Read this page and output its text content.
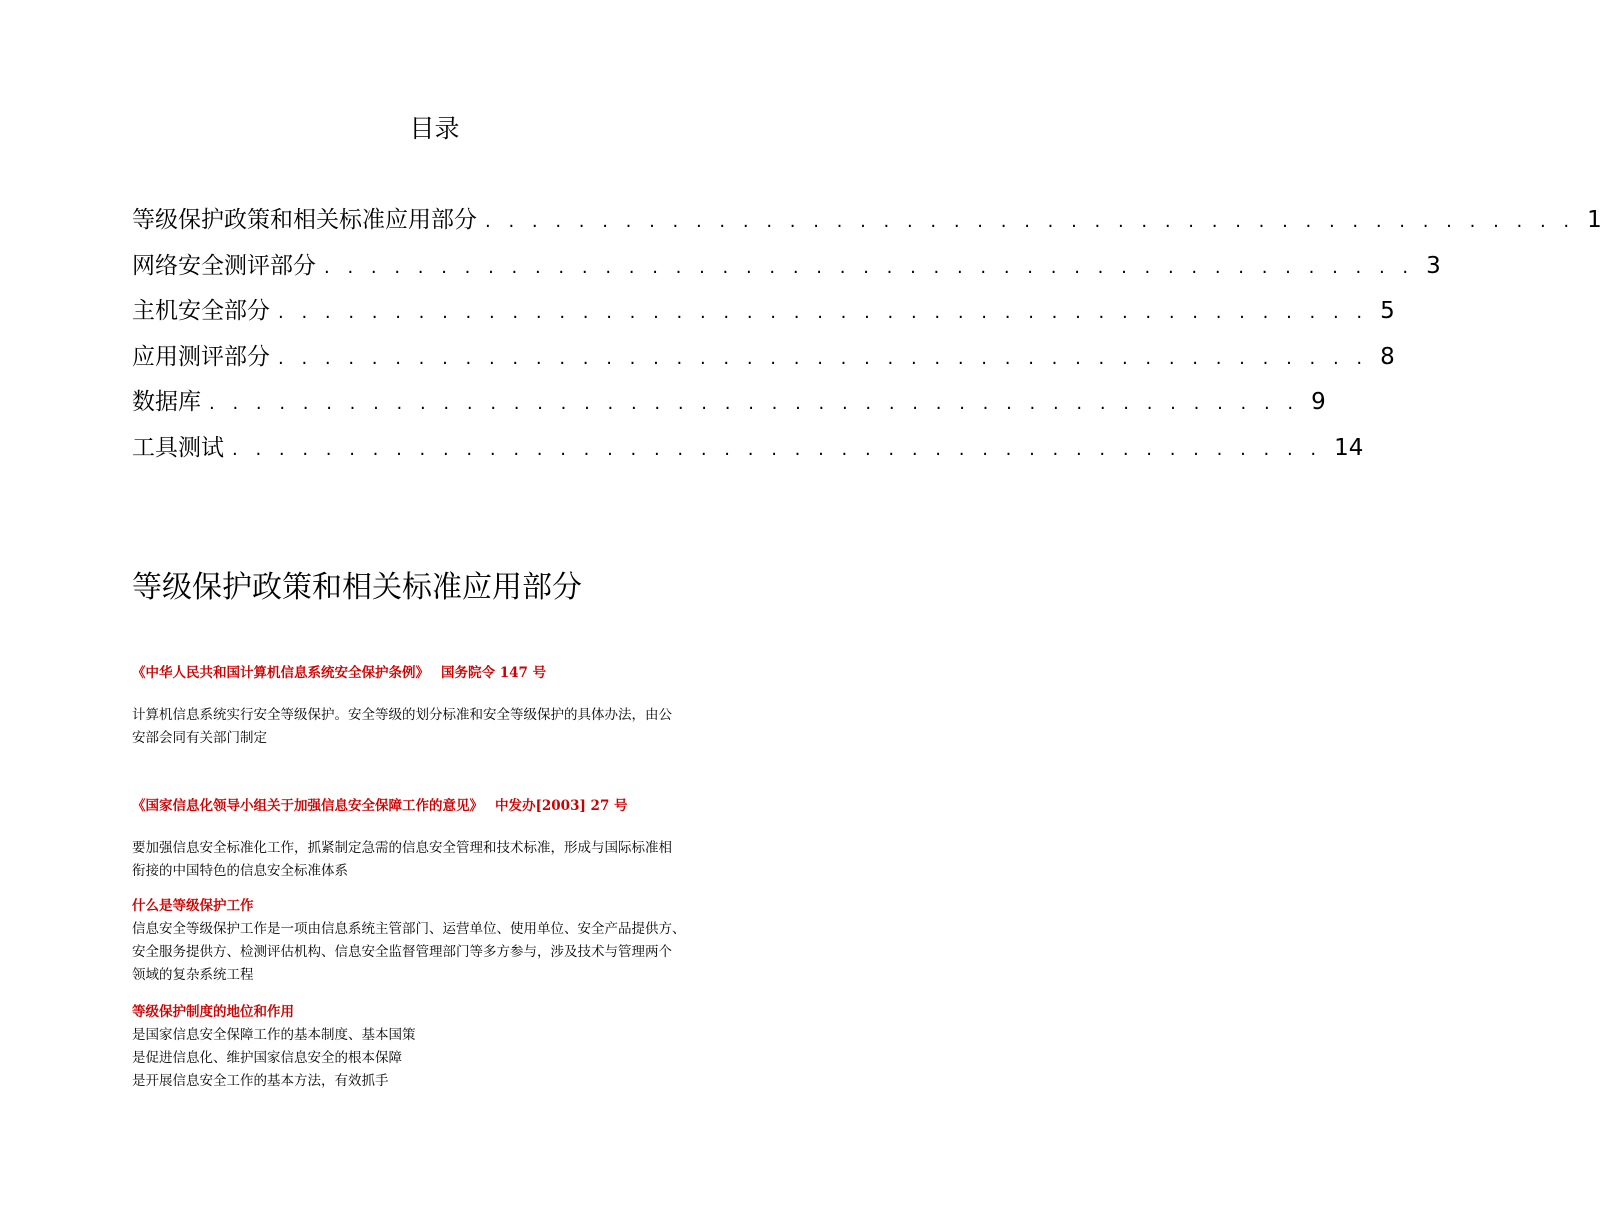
目录
等级保护政策和相关标准应用部分 . . . . . . . . . . . . . . . . . . . . . . . . . . . . . . . . . . . . . . . . . . . . . . . 1
网络安全测评部分 . . . . . . . . . . . . . . . . . . . . . . . . . . . . . . . . . . . . . . . . . . . . . . . 3
主机安全部分 . . . . . . . . . . . . . . . . . . . . . . . . . . . . . . . . . . . . . . . . . . . . . . . 5
应用测评部分 . . . . . . . . . . . . . . . . . . . . . . . . . . . . . . . . . . . . . . . . . . . . . . . 8
数据库 . . . . . . . . . . . . . . . . . . . . . . . . . . . . . . . . . . . . . . . . . . . . . . . 9
工具测试 . . . . . . . . . . . . . . . . . . . . . . . . . . . . . . . . . . . . . . . . . . . . . . . 14
等级保护政策和相关标准应用部分
《中华人民共和国计算机信息系统安全保护条例》 国务院令 147 号

计算机信息系统实行安全等级保护。安全等级的划分标准和安全等级保护的具体办法，由公
安部会同有关部门制定

《国家信息化领导小组关于加强信息安全保障工作的意见》 中发办[2003] 27 号

要加强信息安全标准化工作，抓紧制定急需的信息安全管理和技术标准，形成与国际标准相
衔接的中国特色的信息安全标准体系

什么是等级保护工作

信息安全等级保护工作是一项由信息系统主管部门、运营单位、使用单位、安全产品提供方、
安全服务提供方、检测评估机构、信息安全监督管理部门等多方参与，涉及技术与管理两个
领域的复杂系统工程

等级保护制度的地位和作用

是国家信息安全保障工作的基本制度、基本国策
是促进信息化、维护国家信息安全的根本保障
是开展信息安全工作的基本方法，有效抓手
